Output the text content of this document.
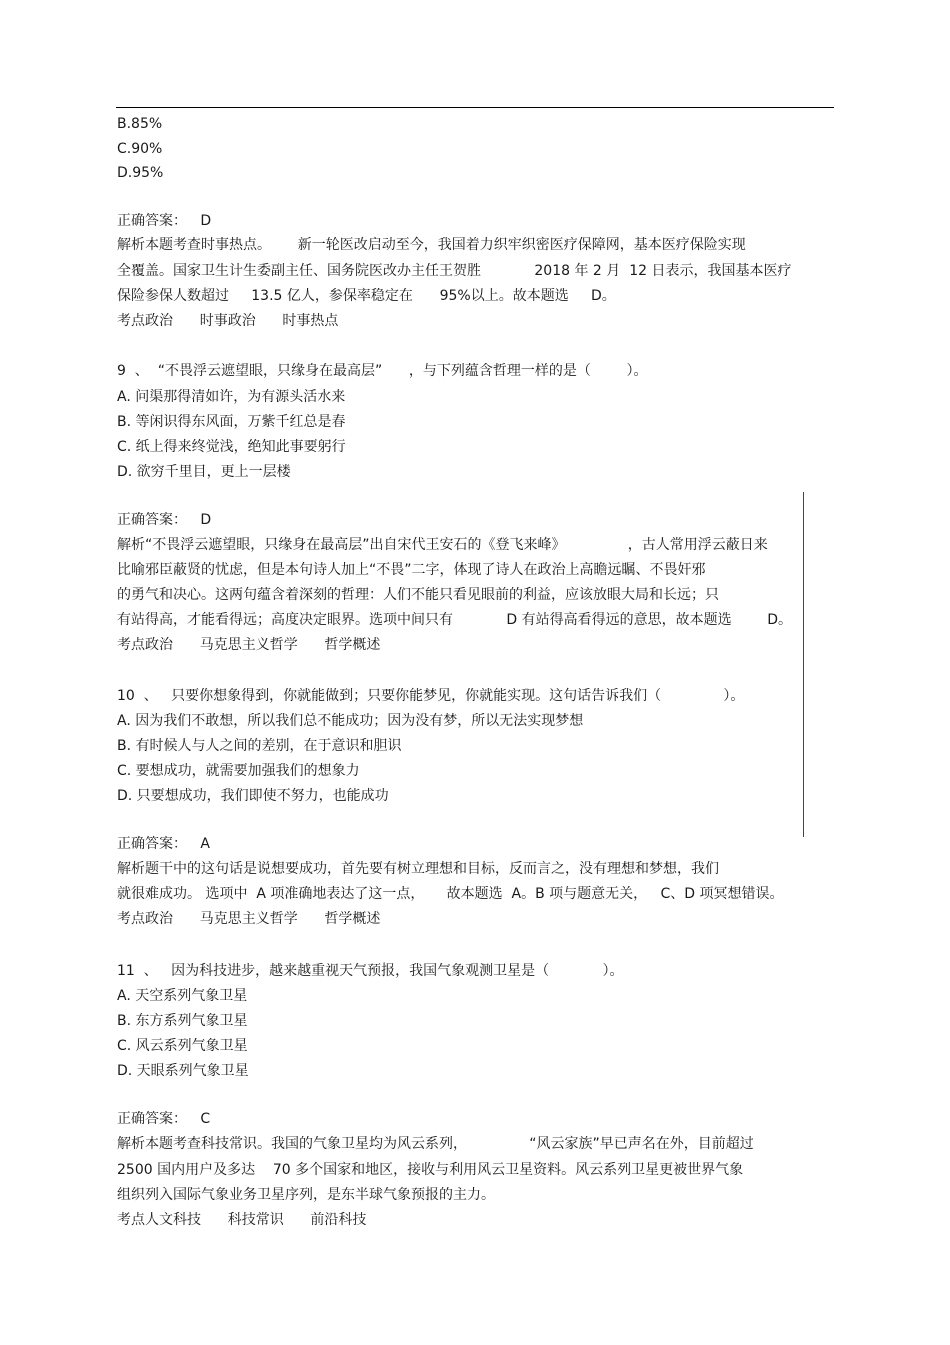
B.85%
C.90%
D.95%
正确答案：   D
解析本题考查时事热点。      新一轮医改启动至今，我国着力织牢织密医疗保障网，基本医疗保险实现
全覆盖。国家卫生计生委副主任、国务院医改办主任王贺胜            2018 年 2 月  12 日表示，我国基本医疗
保险参保人数超过     13.5 亿人，参保率稳定在      95%以上。故本题选     D。
考点政治      时事政治      时事热点
9  、  “不畏浮云遮望眼，只缘身在最高层”      ，与下列蕴含哲理一样的是（        ）。
A. 问渠那得清如许，为有源头活水来
B. 等闲识得东风面，万紫千红总是春
C. 纸上得来终觉浅，绝知此事要躬行
D. 欲穷千里目，更上一层楼
正确答案：   D
解析“不畏浮云遮望眼，只缘身在最高层”出自宋代王安石的《登飞来峰》              ，古人常用浮云蔽日来
比喻邪臣蔽贤的忧虑，但是本句诗人加上“不畏”二字，体现了诗人在政治上高瞻远瞩、不畏奸邪
的勇气和决心。这两句蕴含着深刻的哲理：人们不能只看见眼前的利益，应该放眼大局和长远；只
有站得高，才能看得远；高度决定眼界。选项中间只有            D 有站得高看得远的意思，故本题选        D。
考点政治      马克思主义哲学      哲学概述
10  、   只要你想象得到，你就能做到；只要你能梦见，你就能实现。这句话告诉我们（              ）。
A. 因为我们不敢想，所以我们总不能成功；因为没有梦，所以无法实现梦想
B. 有时候人与人之间的差别，在于意识和胆识
C. 要想成功，就需要加强我们的想象力
D. 只要想成功，我们即使不努力，也能成功
正确答案：   A
解析题干中的这句话是说想要成功，首先要有树立理想和目标，反而言之，没有理想和梦想，我们
就很难成功。 选项中  A 项准确地表达了这一点，     故本题选  A。B 项与题意无关，   C、D 项冥想错误。
考点政治      马克思主义哲学      哲学概述
11  、   因为科技进步，越来越重视天气预报，我国气象观测卫星是（            ）。
A. 天空系列气象卫星
B. 东方系列气象卫星
C. 风云系列气象卫星
D. 天眼系列气象卫星
正确答案：   C
解析本题考查科技常识。我国的气象卫星均为风云系列，              “风云家族”早已声名在外，目前超过
2500 国内用户及多达    70 多个国家和地区，接收与利用风云卫星资料。风云系列卫星更被世界气象
组织列入国际气象业务卫星序列，是东半球气象预报的主力。
考点人文科技      科技常识      前沿科技
